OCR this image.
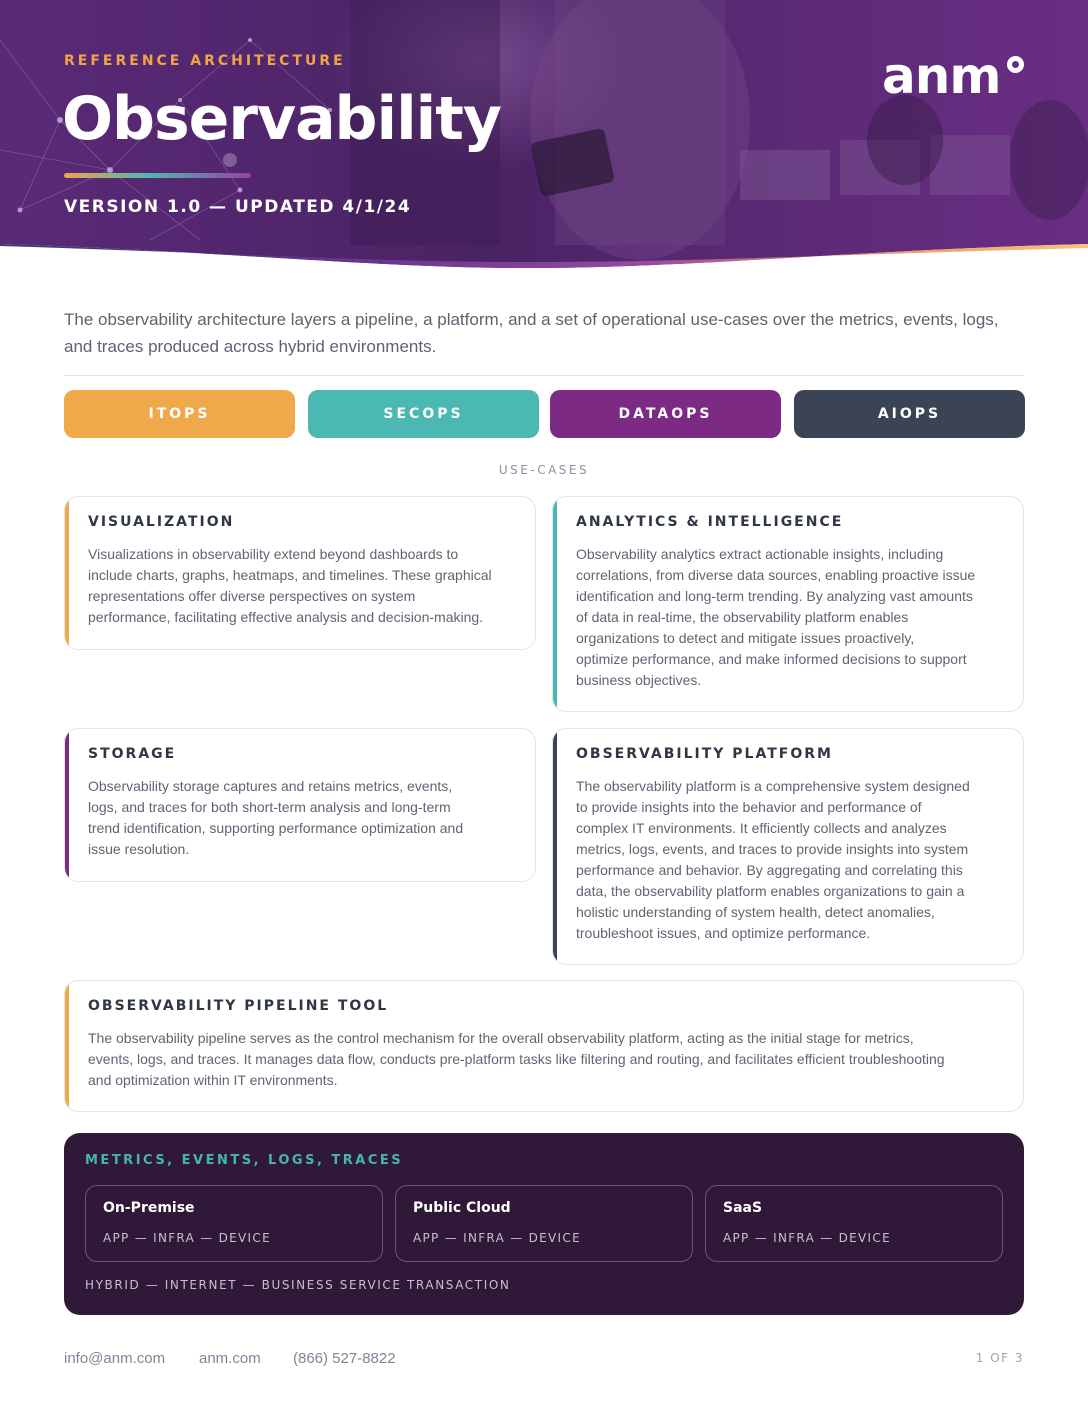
REFERENCE ARCHITECTURE
Observability
VERSION 1.0 — UPDATED 4/1/24
anm

The observability architecture layers a pipeline, a platform, and a set of operational use-cases over the metrics, events, logs, and traces produced across hybrid environments.

ITOPS	SECOPS	DATAOPS	AIOPS
USE-CASES
VISUALIZATION

Visualizations in observability extend beyond dashboards to
include charts, graphs, heatmaps, and timelines. These graphical
representations offer diverse perspectives on system
performance, facilitating effective analysis and decision-making.

ANALYTICS & INTELLIGENCE

Observability analytics extract actionable insights, including
correlations, from diverse data sources, enabling proactive issue
identification and long-term trending. By analyzing vast amounts
of data in real-time, the observability platform enables
organizations to detect and mitigate issues proactively,
optimize performance, and make informed decisions to support
business objectives.

STORAGE

Observability storage captures and retains metrics, events,
logs, and traces for both short-term analysis and long-term
trend identification, supporting performance optimization and
issue resolution.

OBSERVABILITY PLATFORM

The observability platform is a comprehensive system designed
to provide insights into the behavior and performance of
complex IT environments. It efficiently collects and analyzes
metrics, logs, events, and traces to provide insights into system
performance and behavior. By aggregating and correlating this
data, the observability platform enables organizations to gain a
holistic understanding of system health, detect anomalies,
troubleshoot issues, and optimize performance.

OBSERVABILITY PIPELINE TOOL

The observability pipeline serves as the control mechanism for the overall observability platform, acting as the initial stage for metrics,
events, logs, and traces. It manages data flow, conducts pre-platform tasks like filtering and routing, and facilitates efficient troubleshooting
and optimization within IT environments.

METRICS, EVENTS, LOGS, TRACES
On-Premise
APP — INFRA — DEVICE
Public Cloud
APP — INFRA — DEVICE
SaaS
APP — INFRA — DEVICE
HYBRID — INTERNET — BUSINESS SERVICE TRANSACTION
info@anm.com anm.com (866) 527-8822	1 OF 3
